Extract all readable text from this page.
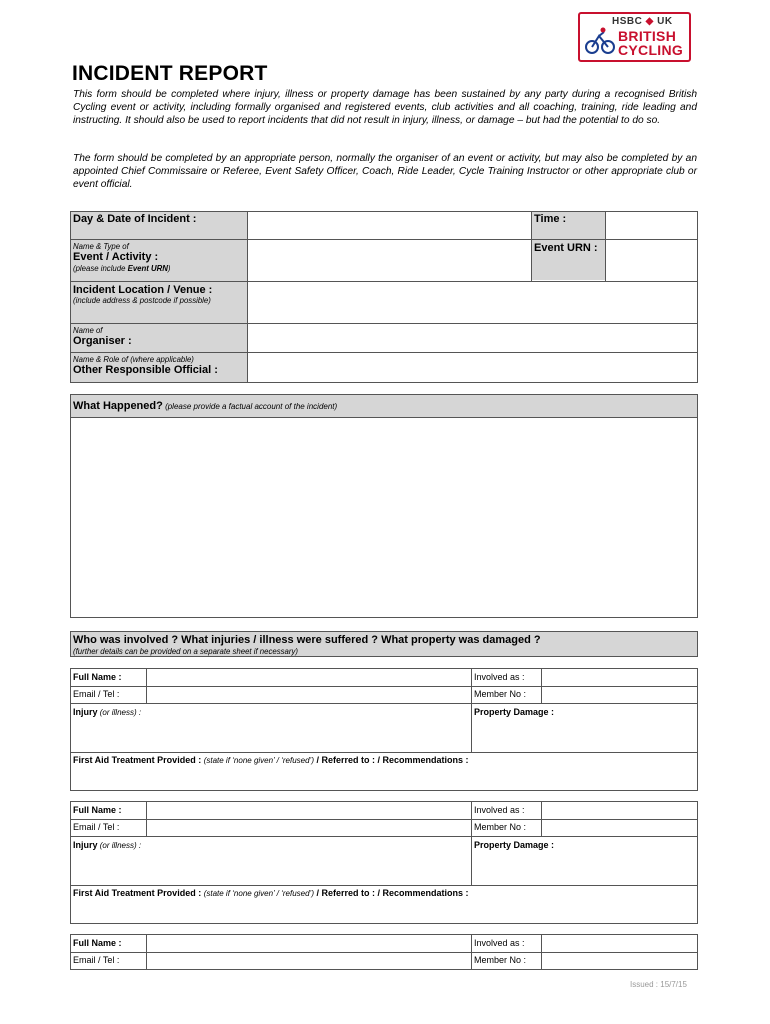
HSBC ◆ UK
BRITISH
CYCLING
INCIDENT REPORT

This form should be completed where injury, illness or property damage has been sustained by any party during a recognised British Cycling event or activity, including formally organised and registered events, club activities and all coaching, training, ride leading and instructing. It should also be used to report incidents that did not result in injury, illness, or damage – but had the potential to do so.

The form should be completed by an appropriate person, normally the organiser of an event or activity, but may also be completed by an appointed Chief Commissaire or Referee, Event Safety Officer, Coach, Ride Leader, Cycle Training Instructor or other appropriate club or event official.

Day & Date of Incident :	Time :
Name & Type of
Event / Activity :
(please include Event URN)
Event URN :
Incident Location / Venue :
(include address & postcode if possible)
Name of
Organiser :
Name & Role of (where applicable)
Other Responsible Official :
What Happened? (please provide a factual account of the incident)
Who was involved ? What injuries / illness were suffered ? What property was damaged ?
(further details can be provided on a separate sheet if necessary)
Full Name :	Involved as :
Email / Tel :	Member No :
Injury (or illness) :	Property Damage :
First Aid Treatment Provided : (state if ‘none given’ / ‘refused’) / Referred to : / Recommendations :
Full Name :	Involved as :
Email / Tel :	Member No :
Injury (or illness) :	Property Damage :
First Aid Treatment Provided : (state if ‘none given’ / ‘refused’) / Referred to : / Recommendations :
Full Name :	Involved as :
Email / Tel :	Member No :
Issued : 15/7/15
